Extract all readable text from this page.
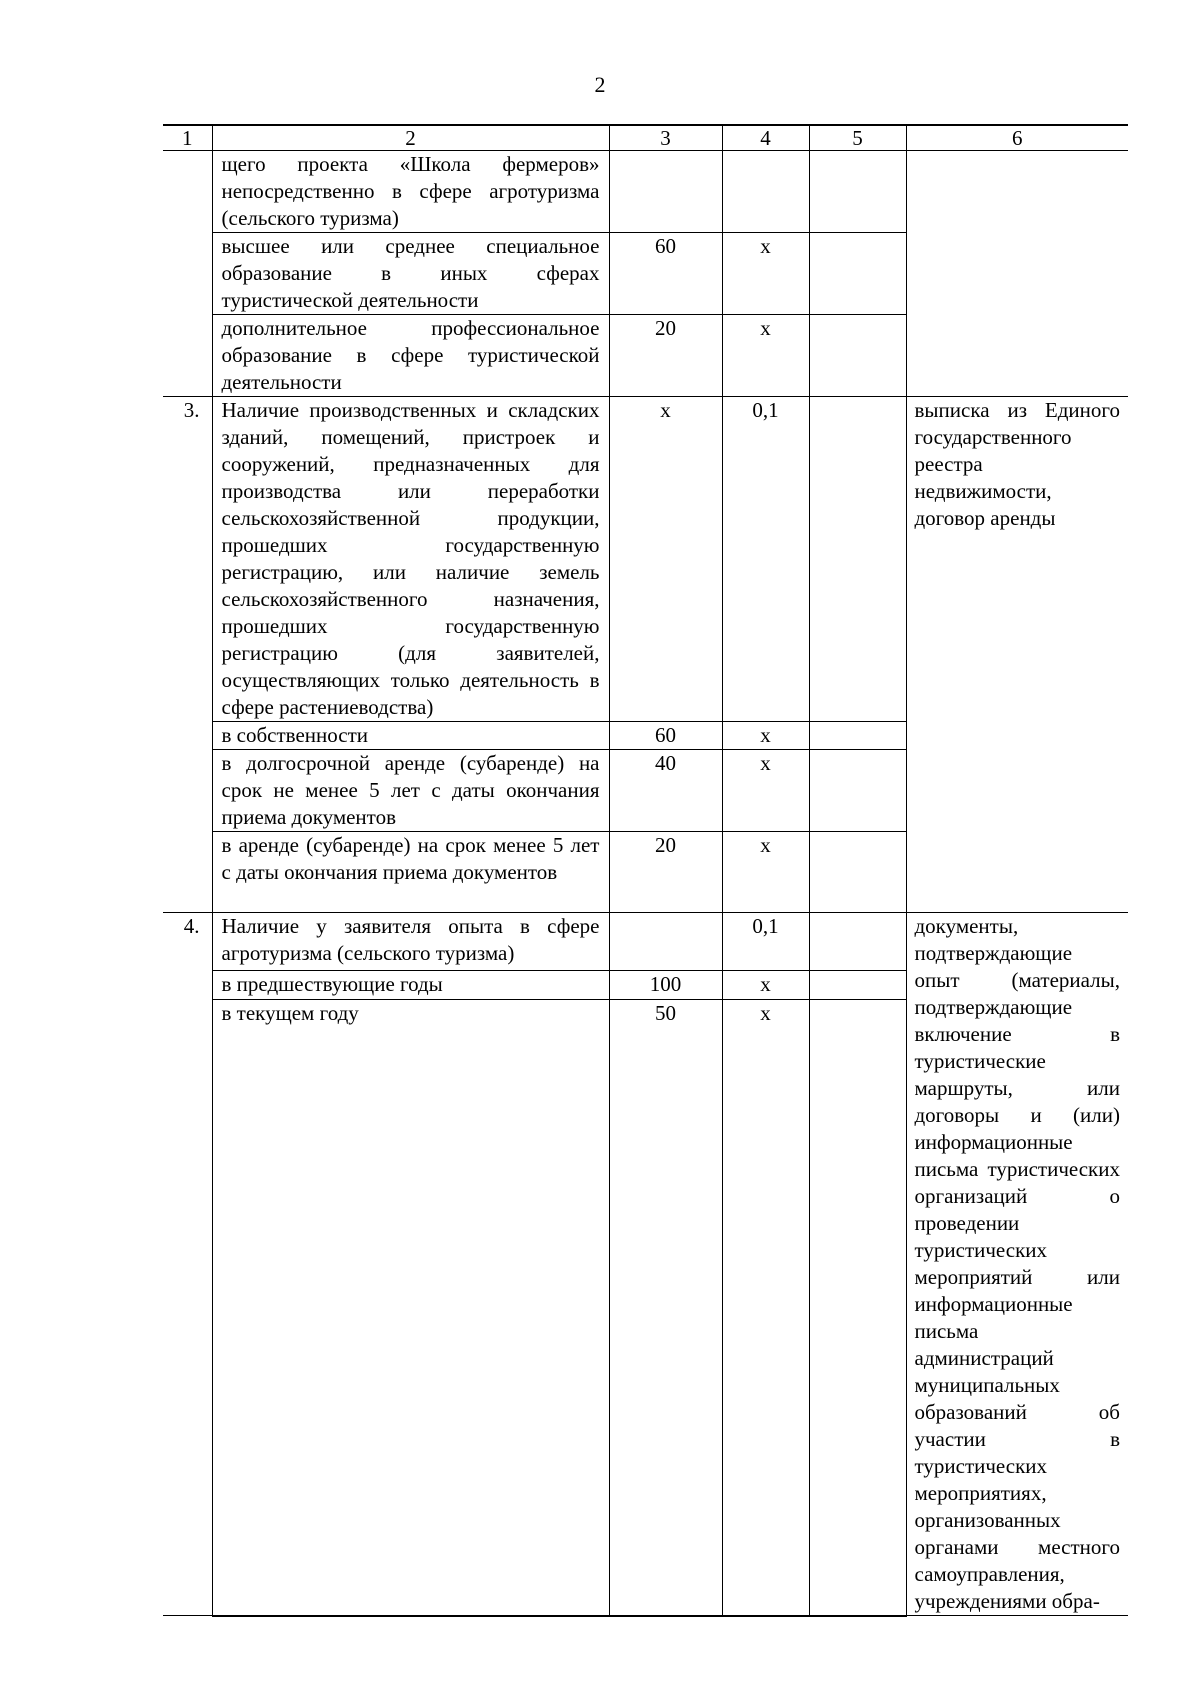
2
1	2	3	4	5	6
	щего проекта «Школа фермеров» непосредственно в сфере агротуризма (сельского туризма)				
	высшее или среднее специальное образование в иных сферах туристической деятельности	60	х		
	дополнительное профессиональное образование в сфере туристической деятельности	20	х		
3.	Наличие производственных и складских зданий, помещений, пристроек и сооружений, предназначенных для производства или переработки сельскохозяйственной продукции, прошедших государственную регистрацию, или наличие земель сельскохозяйственного назначения, прошедших государственную регистрацию (для заявителей, осуществляющих только деятельность в сфере растениеводства)	х	0,1		выписка из Единого государственного реестра недвижимости, договор аренды
	в собственности	60	х		
	в долгосрочной аренде (субаренде) на срок не менее 5 лет с даты окончания приема документов	40	х		
	в аренде (субаренде) на срок менее 5 лет с даты окончания приема документов	20	х		
4.	Наличие у заявителя опыта в сфере агротуризма (сельского туризма)		0,1		документы, подтверждающие опыт (материалы, подтверждающие включение в туристические маршруты, или договоры и (или) информационные письма туристических организаций о проведении туристических мероприятий или информационные письма администраций муниципальных образований об участии в туристических мероприятиях, организованных органами местного самоуправления, учреждениями обра-
	в предшествующие годы	100	х		
	в текущем году	50	х		
